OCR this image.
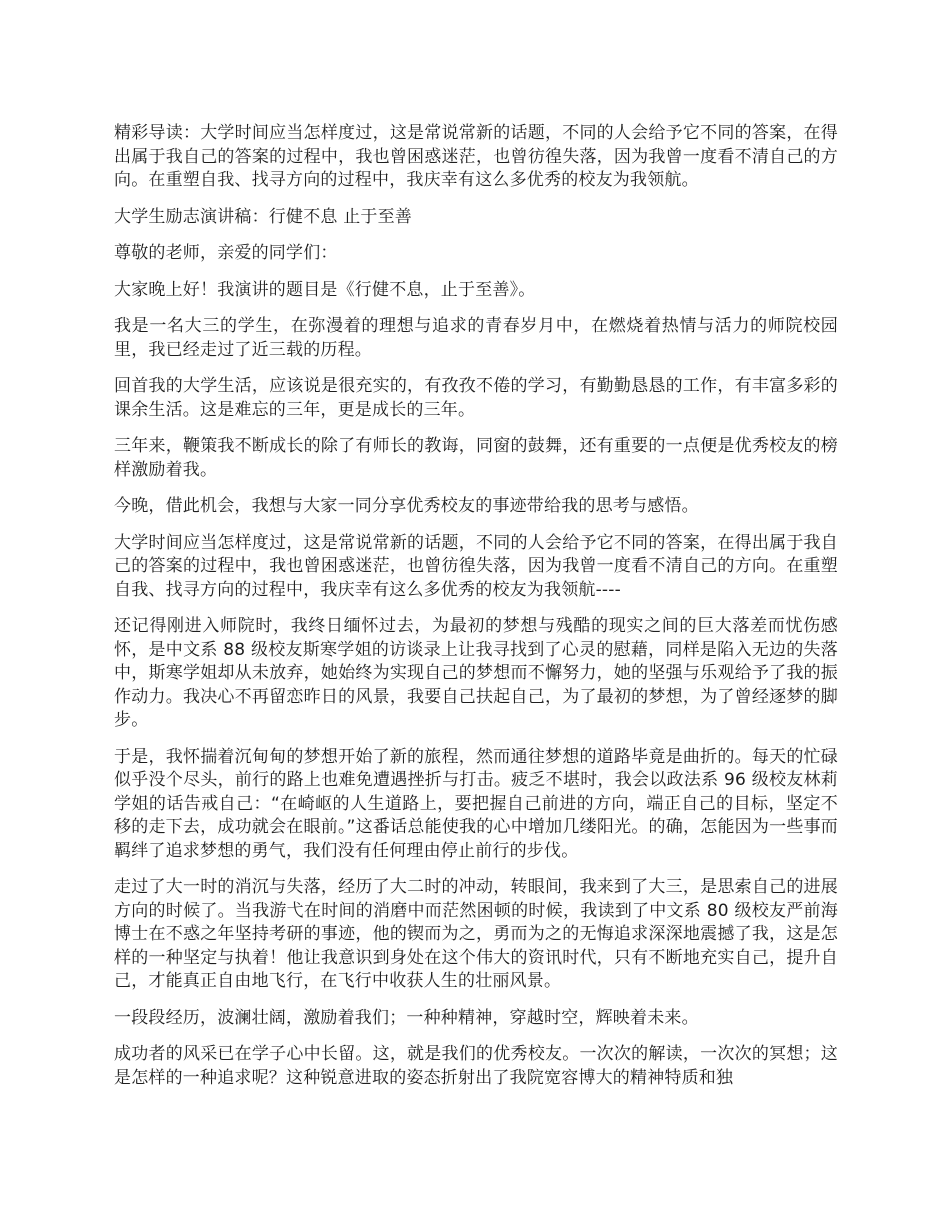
精彩导读：大学时间应当怎样度过，这是常说常新的话题，不同的人会给予它不同的答案，在得出属于我自己的答案的过程中，我也曾困惑迷茫，也曾彷徨失落，因为我曾一度看不清自己的方向。在重塑自我、找寻方向的过程中，我庆幸有这么多优秀的校友为我领航。

大学生励志演讲稿：行健不息 止于至善

尊敬的老师，亲爱的同学们：

大家晚上好！我演讲的题目是《行健不息，止于至善》。

我是一名大三的学生，在弥漫着的理想与追求的青春岁月中，在燃烧着热情与活力的师院校园里，我已经走过了近三载的历程。

回首我的大学生活，应该说是很充实的，有孜孜不倦的学习，有勤勤恳恳的工作，有丰富多彩的课余生活。这是难忘的三年，更是成长的三年。

三年来，鞭策我不断成长的除了有师长的教诲，同窗的鼓舞，还有重要的一点便是优秀校友的榜样激励着我。

今晚，借此机会，我想与大家一同分享优秀校友的事迹带给我的思考与感悟。

大学时间应当怎样度过，这是常说常新的话题，不同的人会给予它不同的答案，在得出属于我自己的答案的过程中，我也曾困惑迷茫，也曾彷徨失落，因为我曾一度看不清自己的方向。在重塑自我、找寻方向的过程中，我庆幸有这么多优秀的校友为我领航----

还记得刚进入师院时，我终日缅怀过去，为最初的梦想与残酷的现实之间的巨大落差而忧伤感怀，是中文系 88 级校友斯寒学姐的访谈录上让我寻找到了心灵的慰藉，同样是陷入无边的失落中，斯寒学姐却从未放弃，她始终为实现自己的梦想而不懈努力，她的坚强与乐观给予了我的振作动力。我决心不再留恋昨日的风景，我要自己扶起自己，为了最初的梦想，为了曾经逐梦的脚步。

于是，我怀揣着沉甸甸的梦想开始了新的旅程，然而通往梦想的道路毕竟是曲折的。每天的忙碌似乎没个尽头，前行的路上也难免遭遇挫折与打击。疲乏不堪时，我会以政法系 96 级校友林莉学姐的话告戒自己：“在崎岖的人生道路上，要把握自己前进的方向，端正自己的目标，坚定不移的走下去，成功就会在眼前。”这番话总能使我的心中增加几缕阳光。的确，怎能因为一些事而羁绊了追求梦想的勇气，我们没有任何理由停止前行的步伐。

走过了大一时的消沉与失落，经历了大二时的冲动，转眼间，我来到了大三，是思索自己的进展方向的时候了。当我游弋在时间的消磨中而茫然困顿的时候，我读到了中文系 80 级校友严前海博士在不惑之年坚持考研的事迹，他的锲而为之，勇而为之的无悔追求深深地震撼了我，这是怎样的一种坚定与执着！他让我意识到身处在这个伟大的资讯时代，只有不断地充实自己，提升自己，才能真正自由地飞行，在飞行中收获人生的壮丽风景。

一段段经历，波澜壮阔，激励着我们；一种种精神，穿越时空，辉映着未来。

成功者的风采已在学子心中长留。这，就是我们的优秀校友。一次次的解读，一次次的冥想；这是怎样的一种追求呢？这种锐意进取的姿态折射出了我院宽容博大的精神特质和独
